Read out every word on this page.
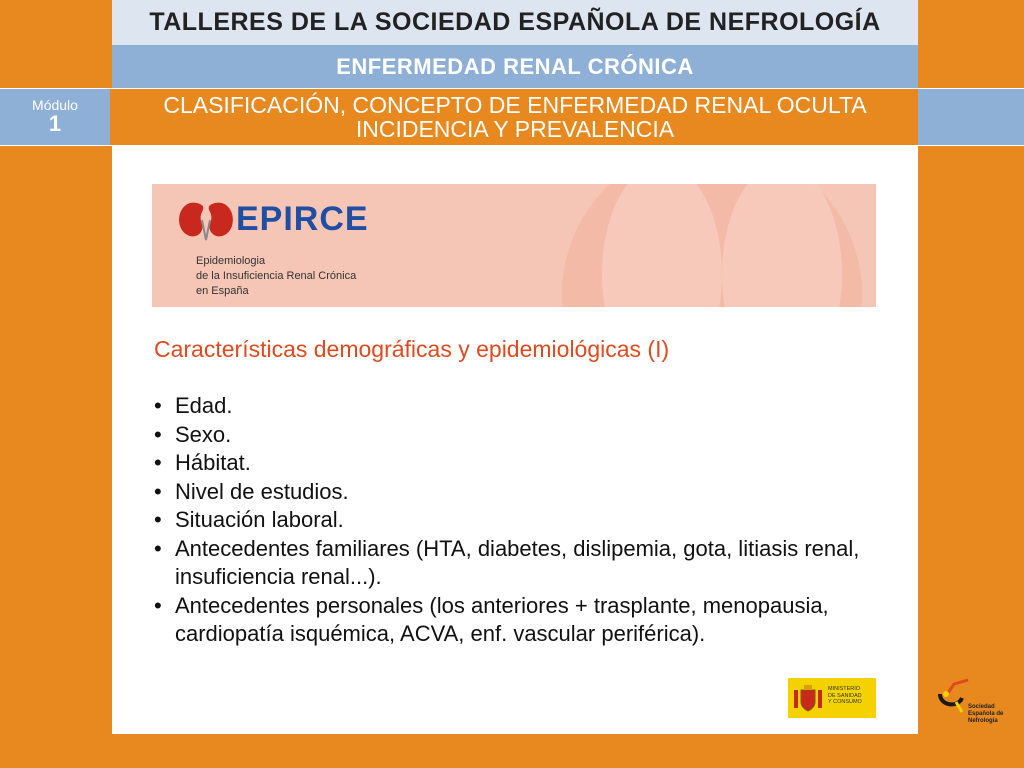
TALLERES DE LA SOCIEDAD ESPAÑOLA DE NEFROLOGÍA
ENFERMEDAD RENAL CRÓNICA
Módulo
1
CLASIFICACIÓN, CONCEPTO DE ENFERMEDAD RENAL OCULTA
INCIDENCIA Y PREVALENCIA
EPIRCE
Epidemiologia
de la Insuficiencia Renal Crónica
en España
Características demográficas y epidemiológicas (I)
• Edad.
• Sexo.
• Hábitat.
• Nivel de estudios.
• Situación laboral.
• Antecedentes familiares (HTA, diabetes, dislipemia, gota, litiasis renal, insuficiencia renal...).
• Antecedentes personales (los anteriores + trasplante, menopausia, cardiopatía isquémica, ACVA, enf. vascular periférica).
MINISTERIO
DE SANIDAD
Y CONSUMO
Sociedad
Española de
Nefrología
